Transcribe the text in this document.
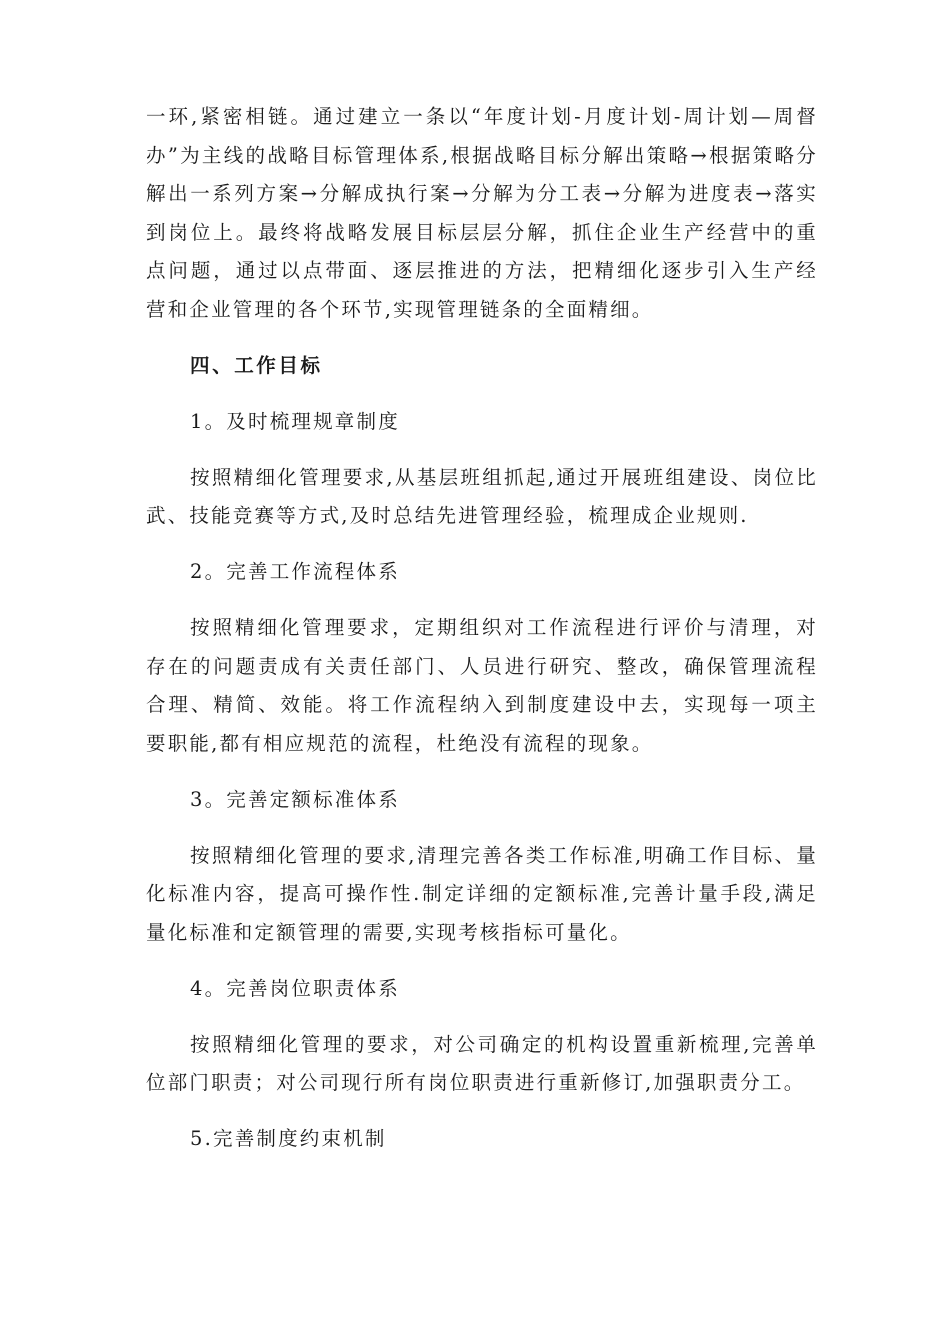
一环,紧密相链。通过建立一条以“年度计划-月度计划-周计划—周督办”为主线的战略目标管理体系,根据战略目标分解出策略→根据策略分解出一系列方案→分解成执行案→分解为分工表→分解为进度表→落实到岗位上。最终将战略发展目标层层分解，抓住企业生产经营中的重点问题，通过以点带面、逐层推进的方法，把精细化逐步引入生产经营和企业管理的各个环节,实现管理链条的全面精细。

四、工作目标

1。及时梳理规章制度

按照精细化管理要求,从基层班组抓起,通过开展班组建设、岗位比武、技能竞赛等方式,及时总结先进管理经验，梳理成企业规则.

2。完善工作流程体系

按照精细化管理要求，定期组织对工作流程进行评价与清理，对存在的问题责成有关责任部门、人员进行研究、整改，确保管理流程合理、精简、效能。将工作流程纳入到制度建设中去，实现每一项主要职能,都有相应规范的流程，杜绝没有流程的现象。

3。完善定额标准体系

按照精细化管理的要求,清理完善各类工作标准,明确工作目标、量化标准内容，提高可操作性.制定详细的定额标准,完善计量手段,满足量化标准和定额管理的需要,实现考核指标可量化。

4。完善岗位职责体系

按照精细化管理的要求，对公司确定的机构设置重新梳理,完善单位部门职责；对公司现行所有岗位职责进行重新修订,加强职责分工。

5.完善制度约束机制
